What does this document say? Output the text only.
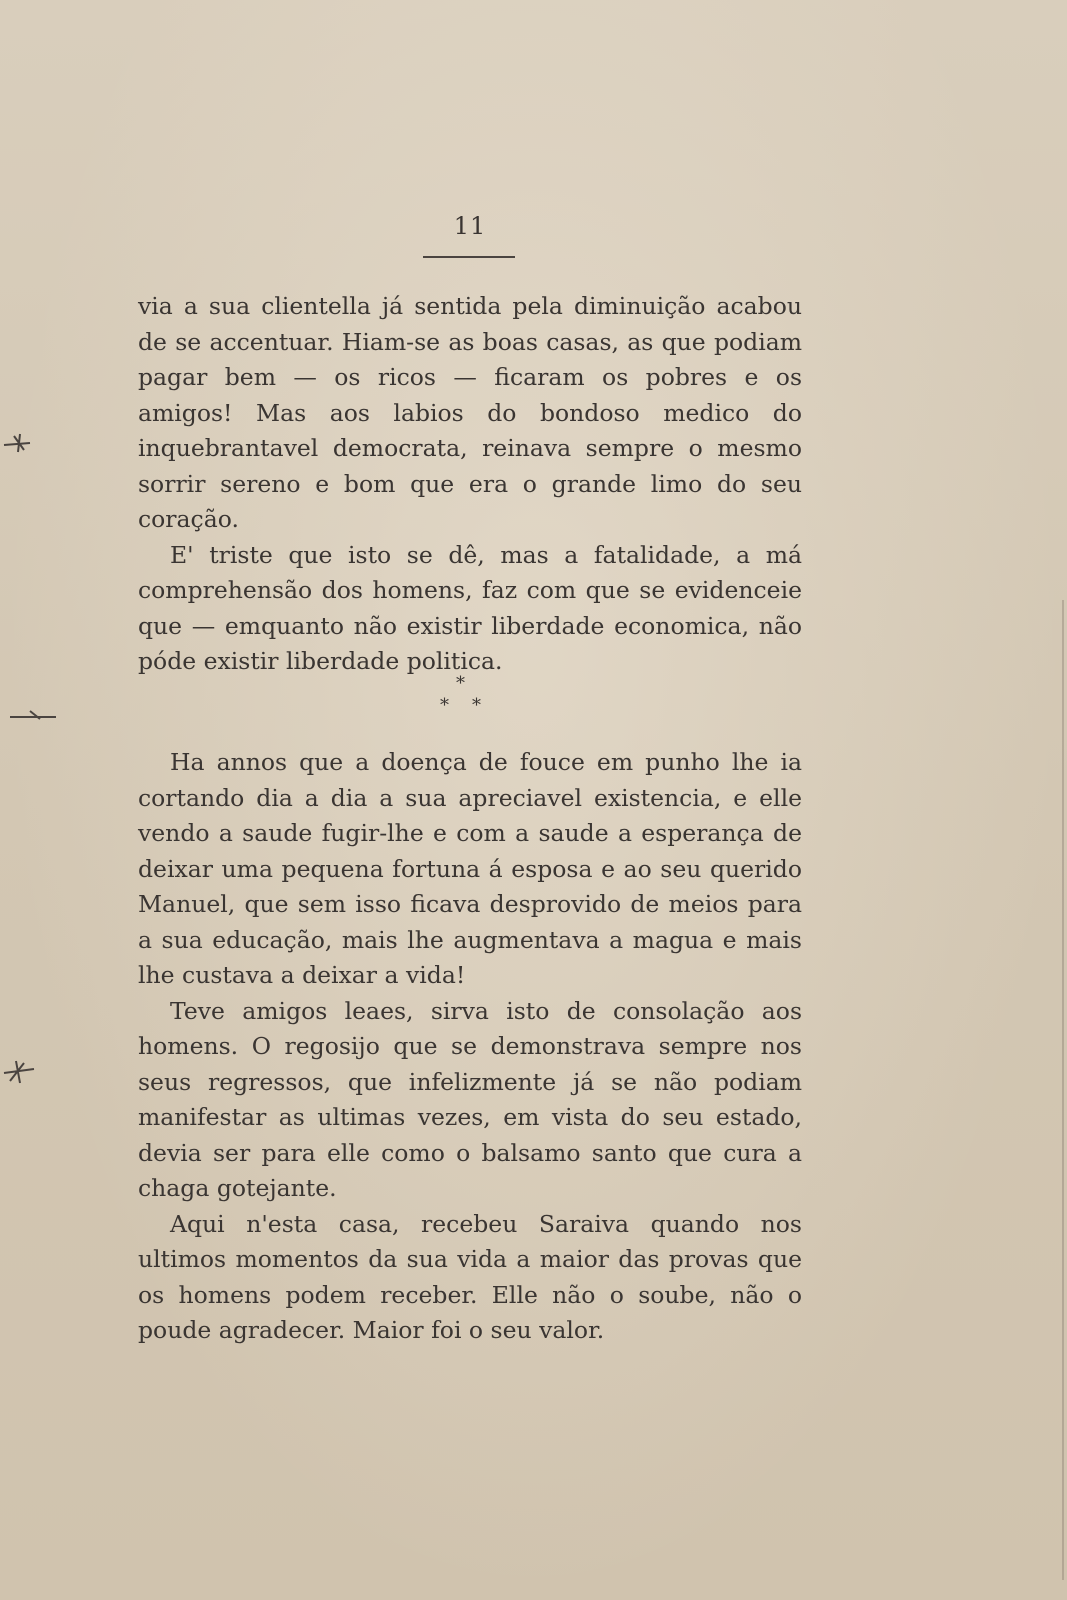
11

via a sua clientella já sentida pela diminuição acabou de se accentuar. Hiam-se as boas casas, as que podiam pagar bem — os ricos — ficaram os pobres e os amigos! Mas aos labios do bondoso medico do inquebrantavel democrata, reinava sempre o mesmo sorrir sereno e bom que era o grande limo do seu coração.

E' triste que isto se dê, mas a fatalidade, a má comprehensão dos homens, faz com que se evidenceie que — emquanto não existir liberdade economica, não póde existir liberdade politica.

*
* *

Ha annos que a doença de fouce em punho lhe ia cortando dia a dia a sua apreciavel existencia, e elle vendo a saude fugir-lhe e com a saude a esperança de deixar uma pequena fortuna á esposa e ao seu querido Manuel, que sem isso ficava desprovido de meios para a sua educação, mais lhe augmentava a magua e mais lhe custava a deixar a vida!

Teve amigos leaes, sirva isto de consolação aos homens. O regosijo que se demonstrava sempre nos seus regressos, que infelizmente já se não podiam manifestar as ultimas vezes, em vista do seu estado, devia ser para elle como o balsamo santo que cura a chaga gotejante.

Aqui n'esta casa, recebeu Saraiva quando nos ultimos momentos da sua vida a maior das provas que os homens podem receber. Elle não o soube, não o poude agradecer. Maior foi o seu valor.
